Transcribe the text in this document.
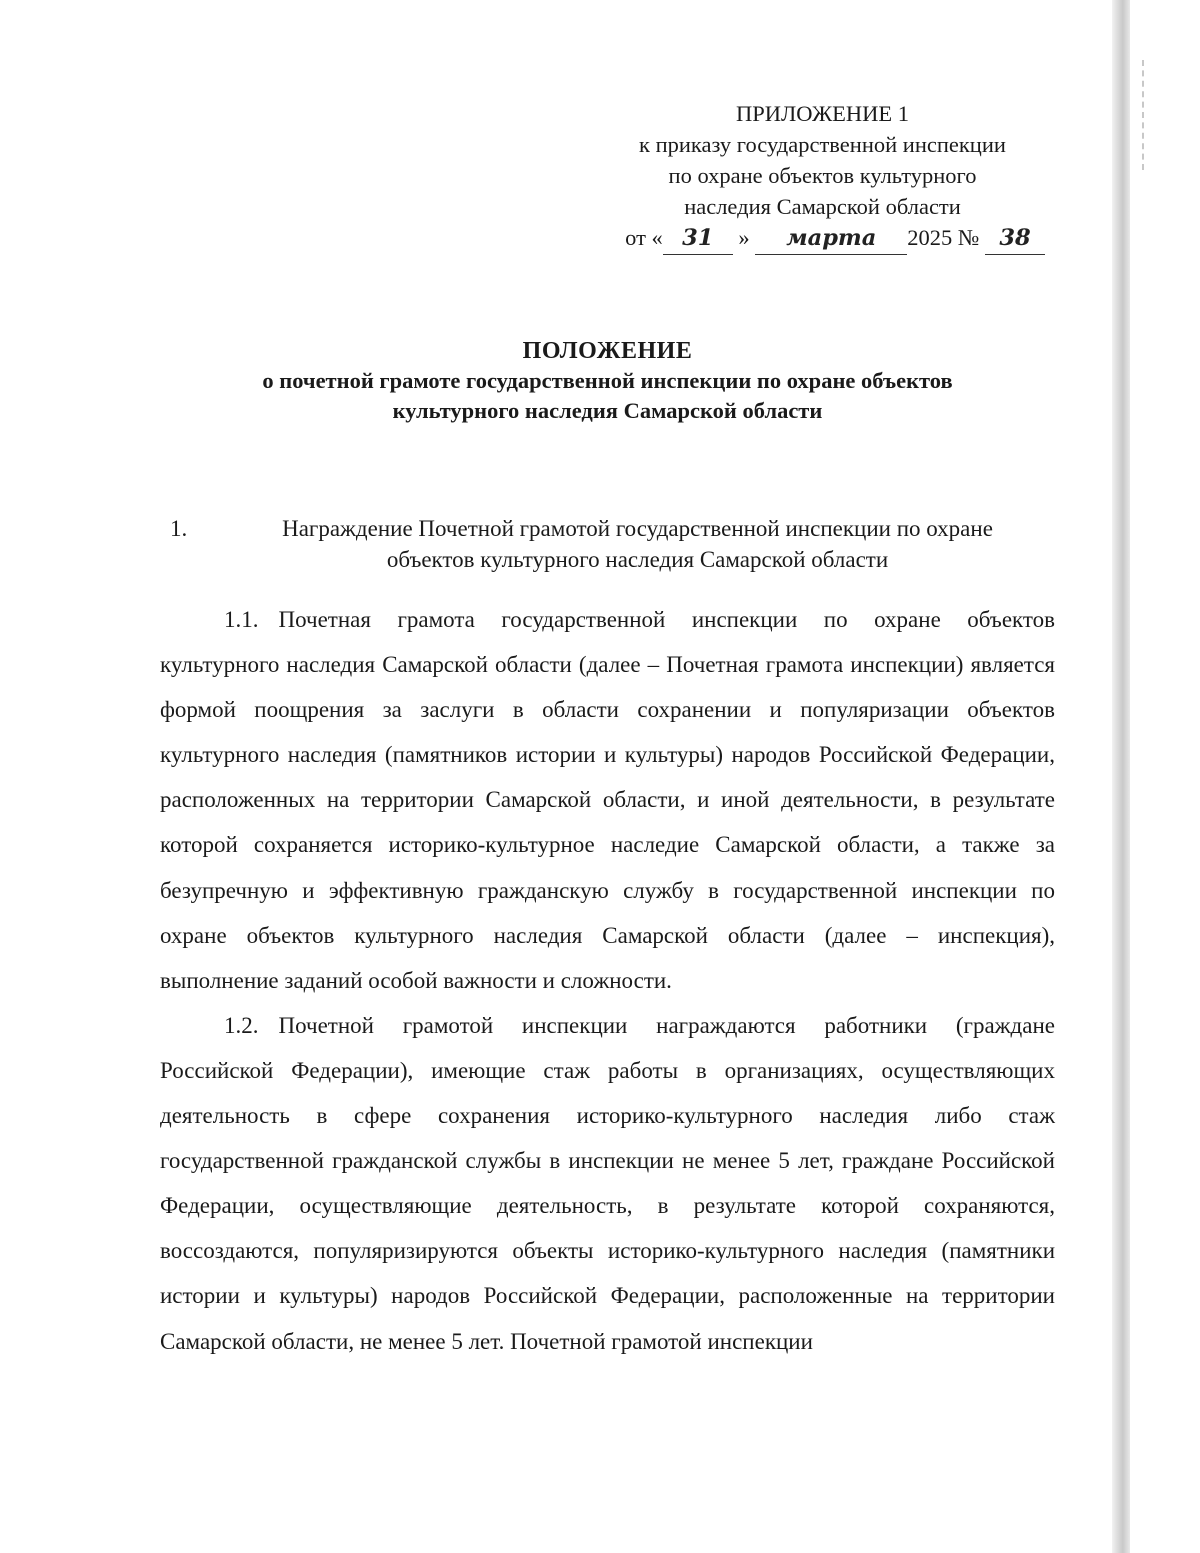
ПРИЛОЖЕНИЕ 1
к приказу государственной инспекции
по охране объектов культурного
наследия Самарской области
от « 31 » марта 2025 № 38
ПОЛОЖЕНИЕ
о почетной грамоте государственной инспекции по охране объектов
культурного наследия Самарской области
1.	Награждение Почетной грамотой государственной инспекции по охране
объектов культурного наследия Самарской области

1.1. Почетная грамота государственной инспекции по охране объектов культурного наследия Самарской области (далее – Почетная грамота инспекции) является формой поощрения за заслуги в области сохранении и популяризации объектов культурного наследия (памятников истории и культуры) народов Российской Федерации, расположенных на территории Самарской области, и иной деятельности, в результате которой сохраняется историко-культурное наследие Самарской области, а также за безупречную и эффективную гражданскую службу в государственной инспекции по охране объектов культурного наследия Самарской области (далее – инспекция), выполнение заданий особой важности и сложности.

1.2. Почетной грамотой инспекции награждаются работники (граждане Российской Федерации), имеющие стаж работы в организациях, осуществляющих деятельность в сфере сохранения историко-культурного наследия либо стаж государственной гражданской службы в инспекции не менее 5 лет, граждане Российской Федерации, осуществляющие деятельность, в результате которой сохраняются, воссоздаются, популяризируются объекты историко-культурного наследия (памятники истории и культуры) народов Российской Федерации, расположенные на территории Самарской области, не менее 5 лет. Почетной грамотой инспекции
